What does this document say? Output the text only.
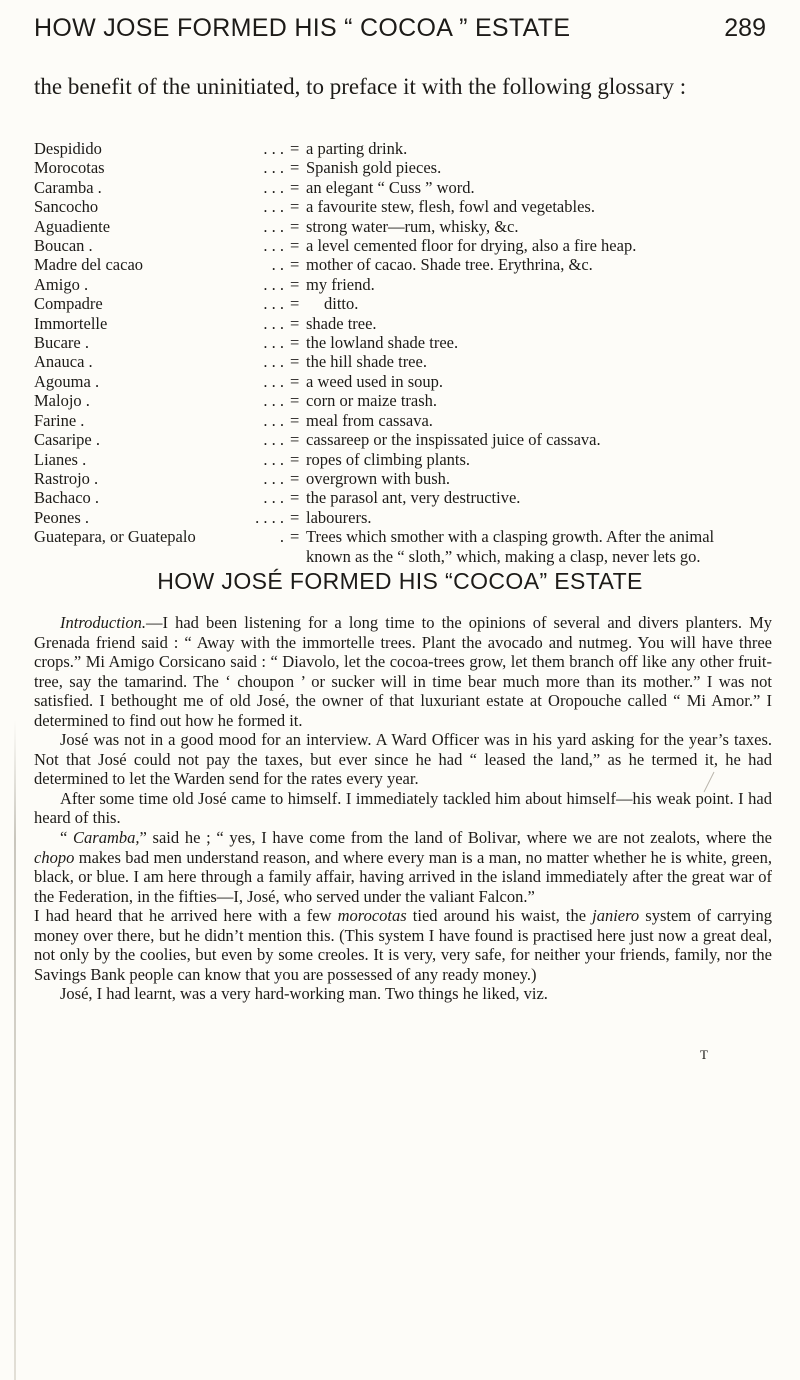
HOW JOSE FORMED HIS “ COCOA ” ESTATE	289
the benefit of the uninitiated, to preface it with the following glossary :
Despidido	. . . = a parting drink.
Morocotas	. . . = Spanish gold pieces.
Caramba .	. . . = an elegant “ Cuss ” word.
Sancocho	. . . = a favourite stew, flesh, fowl and vegetables.
Aguadiente	. . . = strong water—rum, whisky, &c.
Boucan .	. . . = a level cemented floor for drying, also a fire heap.
Madre del cacao	. . = mother of cacao. Shade tree. Erythrina, &c.
Amigo .	. . . = my friend.
Compadre	. . . =	ditto.
Immortelle	. . . = shade tree.
Bucare .	. . . = the lowland shade tree.
Anauca .	. . . = the hill shade tree.
Agouma .	. . . = a weed used in soup.
Malojo .	. . . = corn or maize trash.
Farine .	. . . = meal from cassava.
Casaripe .	. . . = cassareep or the inspissated juice of cassava.
Lianes .	. . . = ropes of climbing plants.
Rastrojo .	. . . = overgrown with bush.
Bachaco .	. . . = the parasol ant, very destructive.
Peones .	. . . . = labourers.
Guatepara, or Guatepalo	. = Trees which smother with a clasping growth. After the animal known as the “ sloth,” which, making a clasp, never lets go.
HOW JOSÉ FORMED HIS “COCOA” ESTATE

Introduction.—I had been listening for a long time to the opinions of several and divers planters. My Grenada friend said : “ Away with the immortelle trees. Plant the avocado and nutmeg. You will have three crops.” Mi Amigo Corsicano said : “ Diavolo, let the cocoa-trees grow, let them branch off like any other fruit-tree, say the tamarind. The ‘ choupon ’ or sucker will in time bear much more than its mother.” I was not satisfied. I bethought me of old José, the owner of that luxuriant estate at Oropouche called “ Mi Amor.” I determined to find out how he formed it.

José was not in a good mood for an interview. A Ward Officer was in his yard asking for the year’s taxes. Not that José could not pay the taxes, but ever since he had “ leased the land,” as he termed it, he had determined to let the Warden send for the rates every year.

After some time old José came to himself. I immediately tackled him about himself—his weak point. I had heard of this.

“ Caramba,” said he ; “ yes, I have come from the land of Bolivar, where we are not zealots, where the chopo makes bad men understand reason, and where every man is a man, no matter whether he is white, green, black, or blue. I am here through a family affair, having arrived in the island immediately after the great war of the Federation, in the fifties—I, José, who served under the valiant Falcon.”

I had heard that he arrived here with a few morocotas tied around his waist, the janiero system of carrying money over there, but he didn’t mention this. (This system I have found is practised here just now a great deal, not only by the coolies, but even by some creoles. It is very, very safe, for neither your friends, family, nor the Savings Bank people can know that you are possessed of any ready money.)

José, I had learnt, was a very hard-working man. Two things he liked, viz.

T
